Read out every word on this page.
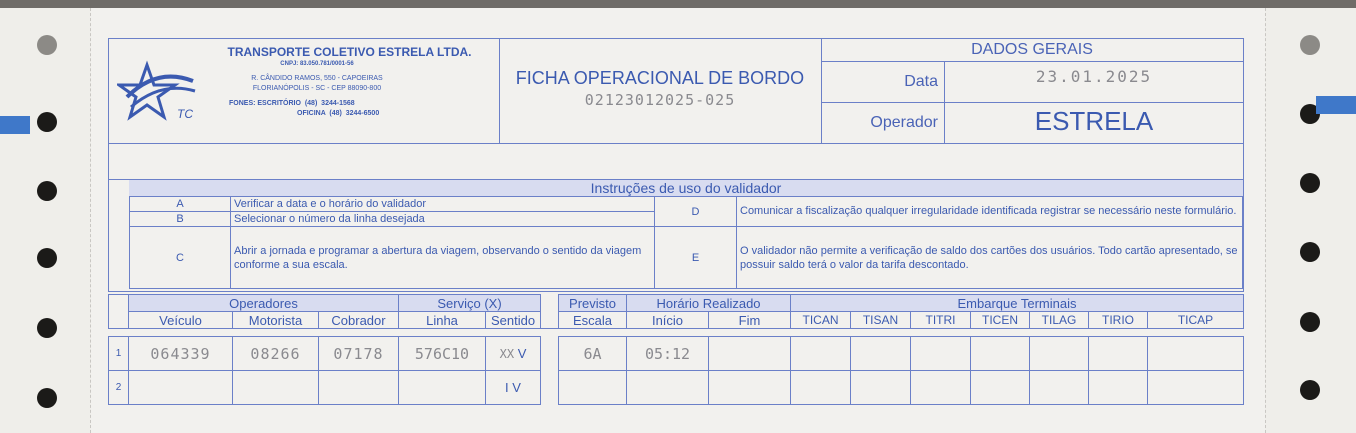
TC
TRANSPORTE COLETIVO ESTRELA LTDA.
CNPJ: 83.050.781/0001-56
R. CÂNDIDO RAMOS, 550 - CAPOEIRAS
FLORIANÓPOLIS - SC - CEP 88090-800
FONES: ESCRITÓRIO  (48)  3244-1568
OFICINA  (48)  3244-6500
FICHA OPERACIONAL DE BORDO
02123012025-025
DADOS GERAIS
Data	23.01.2025
Operador	ESTRELA
Instruções de uso do validador
A	Verificar a data e o horário do validador	D	Comunicar a fiscalização qualquer irregularidade identificada registrar se necessário neste formulário.
B	Selecionar o número da linha desejada		
C	Abrir a jornada e programar a abertura da viagem, observando o sentido da viagem conforme a sua escala.	E	O validador não permite a verificação de saldo dos cartões dos usuários. Todo cartão apresentado, se possuir saldo terá o valor da tarifa descontado.
	Operadores			Serviço (X)			Previsto	Horário Realizado		Embarque Terminais						
	Veículo	Motorista	Cobrador	Linha	Sentido		Escala	Início	Fim	TICAN	TISAN	TITRI	TICEN	TILAG	TIRIO	TICAP

1	064339	08266	07178	576C10	XX V		6A	05:12								
2					I V											
